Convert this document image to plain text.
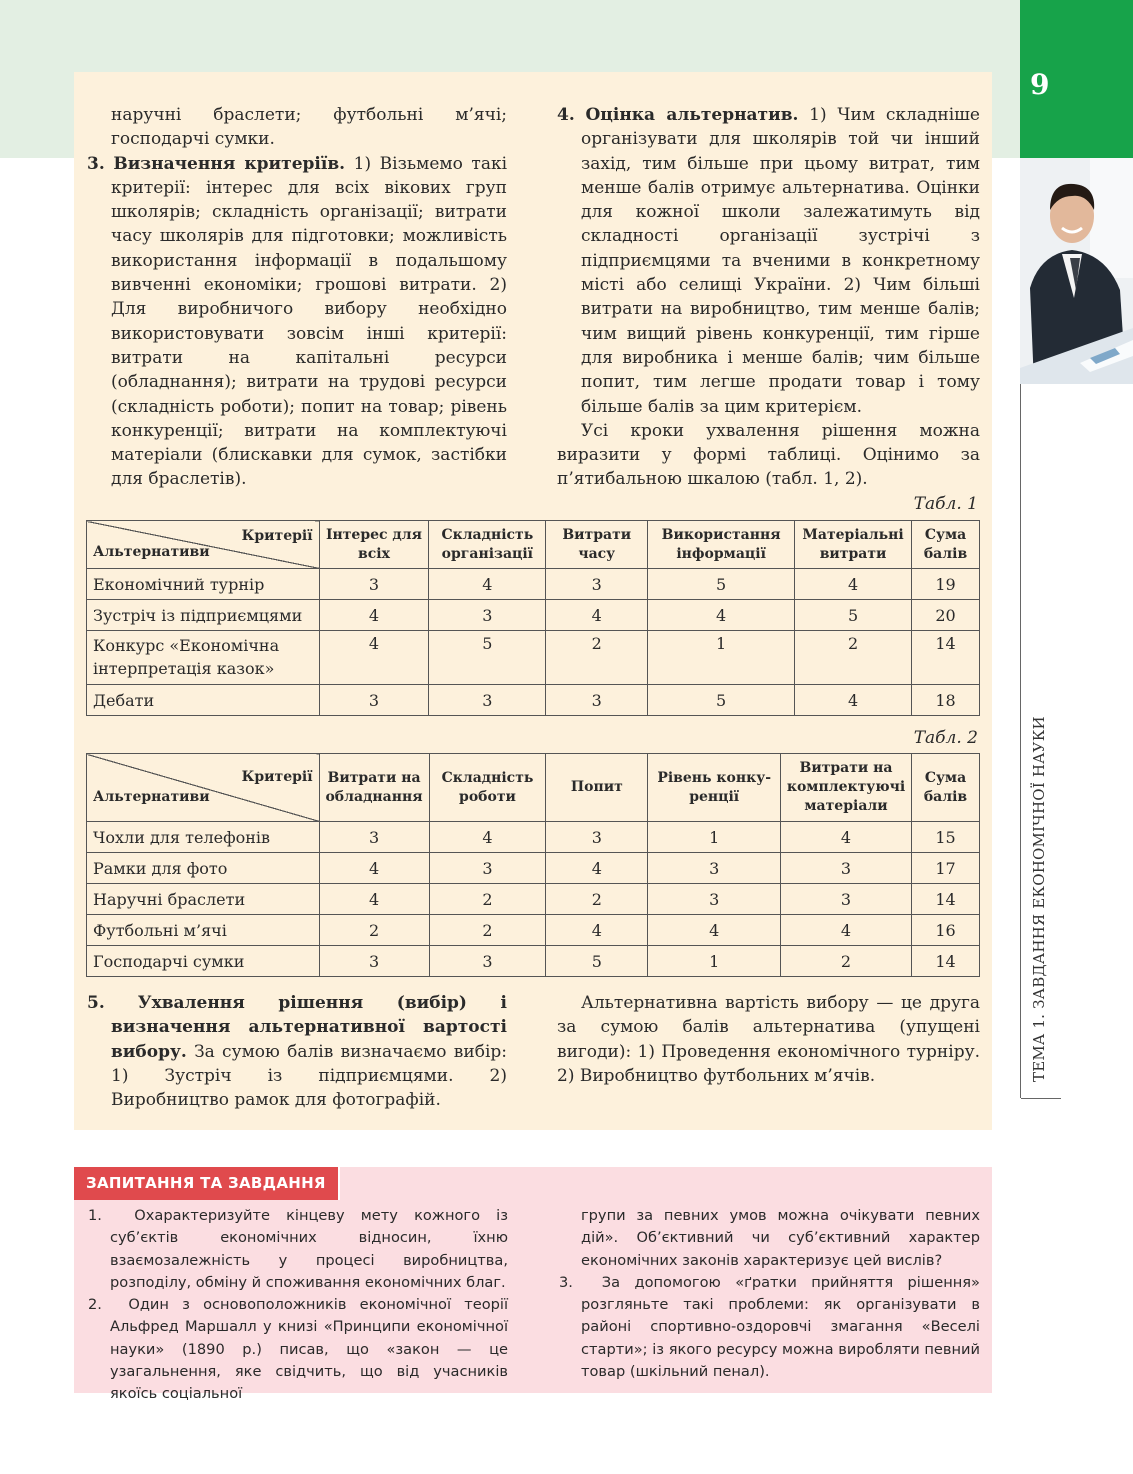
9
ТЕМА 1. ЗАВДАННЯ ЕКОНОМІЧНОЇ НАУКИ

наручні браслети; футбольні м’ячі; господарчі сумки.

3. Визначення критеріїв. 1) Візьмемо такі критерії: інтерес для всіх вікових груп школярів; складність організації; витрати часу школярів для підготовки; можливість використання інформації в подальшому вивченні економіки; грошові витрати. 2) Для виробничого вибору необхідно використовувати зовсім інші критерії: витрати на капітальні ресурси (обладнання); витрати на трудові ресурси (складність роботи); попит на товар; рівень конкуренції; витрати на комплектуючі матеріали (блискавки для сумок, застібки для браслетів).

4. Оцінка альтернатив. 1) Чим складніше організувати для школярів той чи інший захід, тим більше при цьому витрат, тим менше балів отримує альтернатива. Оцінки для кожної школи залежатимуть від складності організації зустрічі з підприємцями та вченими в конкретному місті або селищі України. 2) Чим більші витрати на виробництво, тим менше балів; чим вищий рівень конкуренції, тим гірше для виробника і менше балів; чим більше попит, тим легше продати товар і тому більше балів за цим критерієм.

Усі кроки ухвалення рішення можна виразити у формі таблиці. Оцінимо за п’ятибальною шкалою (табл. 1, 2).

Табл. 1
Критерії
Альтернативи	Інтерес для всіх	Складність організації	Витрати часу	Використання інформації	Матеріальні витрати	Сума балів
Економічний турнір	3	4	3	5	4	19
Зустріч із підприємцями	4	3	4	4	5	20
Конкурс «Економічна інтерпретація казок»	4	5	2	1	2	14
Дебати	3	3	3	5	4	18
Табл. 2
Критерії
Альтернативи	Витрати на обладнання	Складність роботи	Попит	Рівень конкуренції	Витрати на комплектуючі матеріали	Сума балів
Чохли для телефонів	3	4	3	1	4	15
Рамки для фото	4	3	4	3	3	17
Наручні браслети	4	2	2	3	3	14
Футбольні м’ячі	2	2	4	4	4	16
Господарчі сумки	3	3	5	1	2	14

5. Ухвалення рішення (вибір) і визначення альтернативної вартості вибору. За сумою балів визначаємо вибір: 1) Зустріч із підприємцями. 2) Виробництво рамок для фотографій.

Альтернативна вартість вибору — це друга за сумою балів альтернатива (упущені вигоди): 1) Проведення економічного турніру. 2) Виробництво футбольних м’ячів.

ЗАПИТАННЯ ТА ЗАВДАННЯ

1. Охарактеризуйте кінцеву мету кожного із суб’єктів економічних відносин, їхню взаємозалежність у процесі виробництва, розподілу, обміну й споживання економічних благ.

2. Один з основоположників економічної теорії Альфред Маршалл у книзі «Принципи економічної науки» (1890 р.) писав, що «закон — це узагальнення, яке свідчить, що від учасників якоїсь соціальної

групи за певних умов можна очікувати певних дій». Об’єктивний чи суб’єктивний характер економічних законів характеризує цей вислів?

3. За допомогою «ґратки прийняття рішення» розгляньте такі проблеми: як організувати в районі спортивно-оздоровчі змагання «Веселі старти»; із якого ресурсу можна виробляти певний товар (шкільний пенал).
